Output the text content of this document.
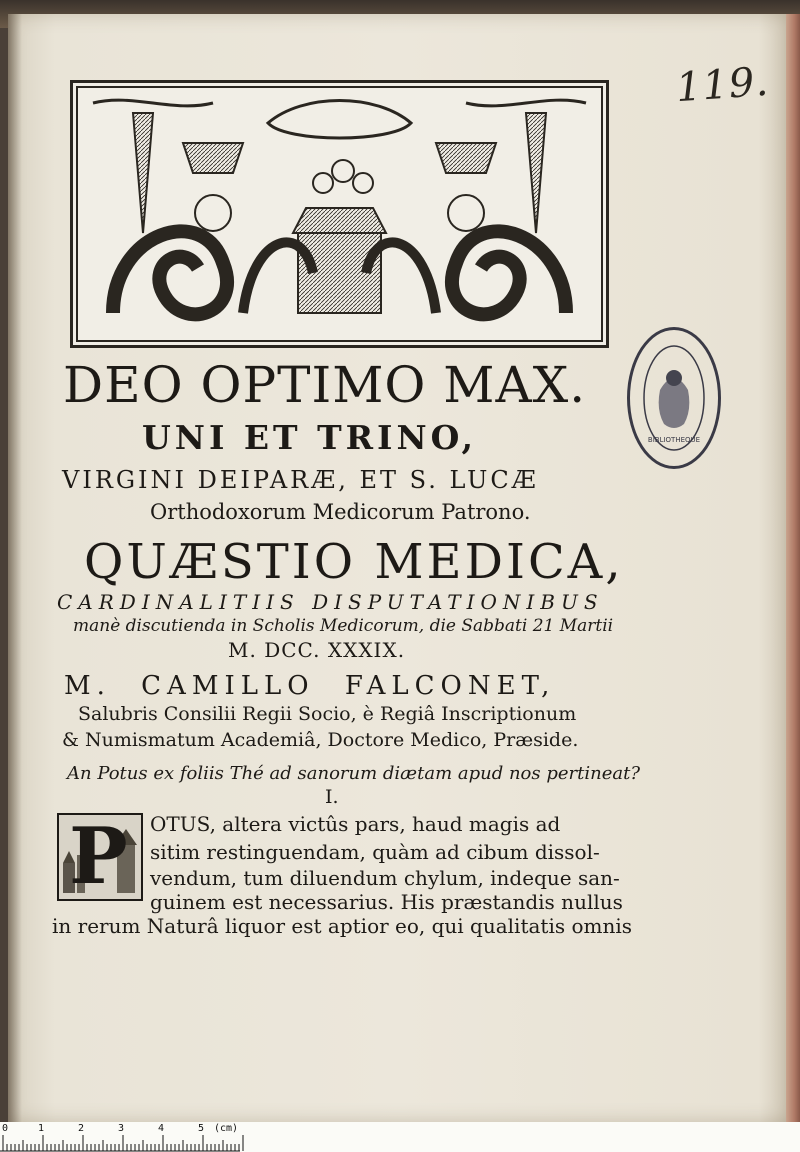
119.
BIBLIOTHEQUE
DEO OPTIMO MAX.
UNI ET TRINO,
VIRGINI DEIPARÆ, ET S. LUCÆ
Orthodoxorum Medicorum Patrono.
QUÆSTIO MEDICA,
CARDINALITIIS DISPUTATIONIBUS
manè discutienda in Scholis Medicorum, die Sabbati 21 Martii
M. DCC. XXXIX.
M. CAMILLO FALCONET,
Salubris Consilii Regii Socio, è Regiâ Inscriptionum
& Numismatum Academiâ, Doctore Medico, Præside.
An Potus ex foliis Thé ad sanorum diætam apud nos pertineat?
I.
P OTUS, altera victûs pars, haud magis ad
sitim restinguendam, quàm ad cibum dissol-
vendum, tum diluendum chylum, indeque san-
guinem est necessarius. His præstandis nullus
in rerum Naturâ liquor est aptior eo, qui qualitatis omnis
0	1	2	3	4	5 (cm)
